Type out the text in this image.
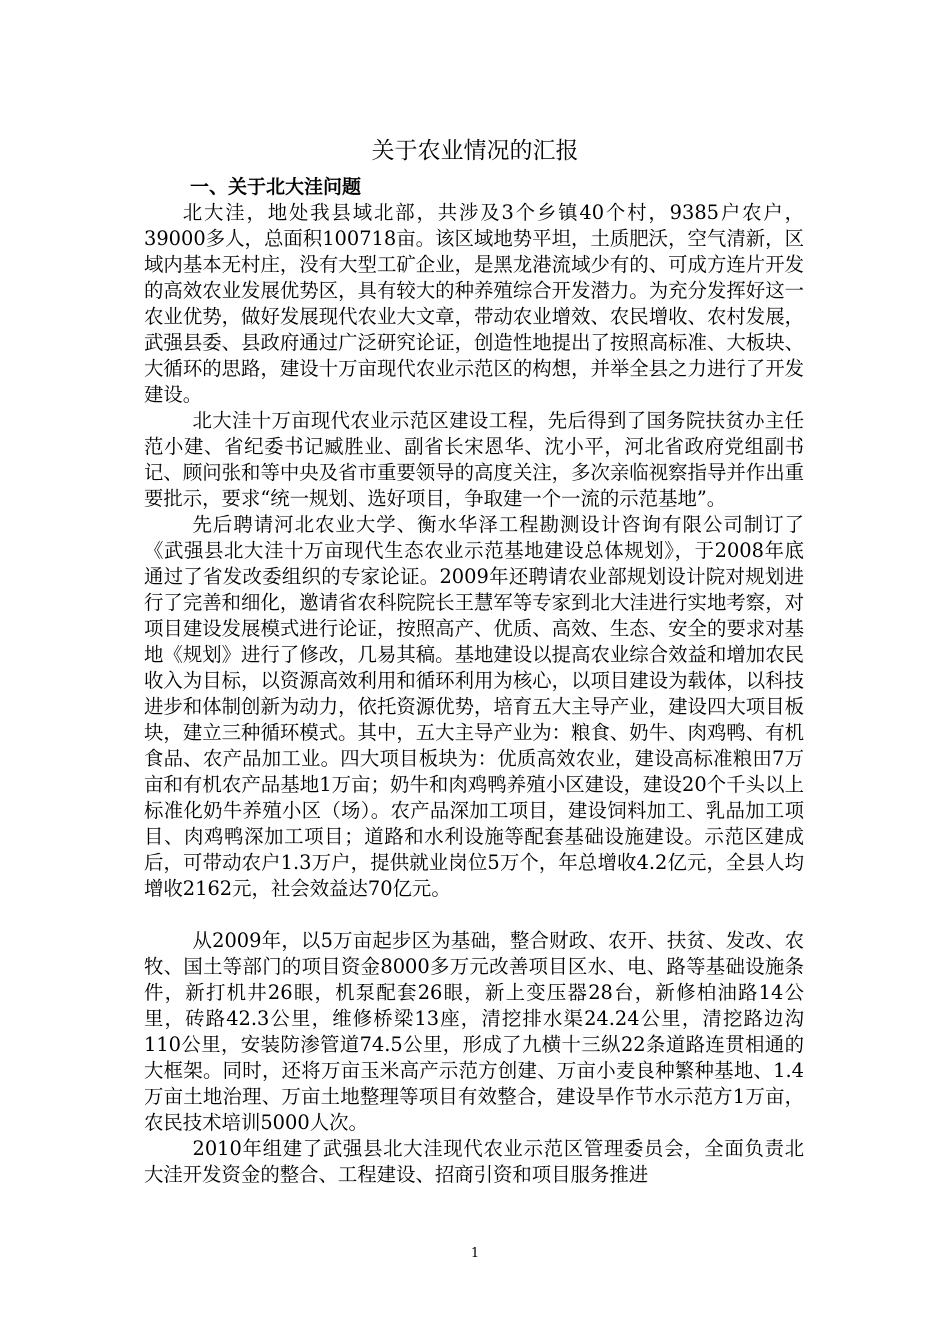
关于农业情况的汇报
一、关于北大洼问题

北大洼，地处我县域北部，共涉及3个乡镇40个村，9385户农户，39000多人，总面积100718亩。该区域地势平坦，土质肥沃，空气清新，区域内基本无村庄，没有大型工矿企业，是黑龙港流域少有的、可成方连片开发的高效农业发展优势区，具有较大的种养殖综合开发潜力。为充分发挥好这一农业优势，做好发展现代农业大文章，带动农业增效、农民增收、农村发展，武强县委、县政府通过广泛研究论证，创造性地提出了按照高标准、大板块、大循环的思路，建设十万亩现代农业示范区的构想，并举全县之力进行了开发建设。

北大洼十万亩现代农业示范区建设工程，先后得到了国务院扶贫办主任范小建、省纪委书记臧胜业、副省长宋恩华、沈小平，河北省政府党组副书记、顾问张和等中央及省市重要领导的高度关注，多次亲临视察指导并作出重要批示，要求“统一规划、选好项目，争取建一个一流的示范基地”。

先后聘请河北农业大学、衡水华泽工程勘测设计咨询有限公司制订了《武强县北大洼十万亩现代生态农业示范基地建设总体规划》，于2008年底通过了省发改委组织的专家论证。2009年还聘请农业部规划设计院对规划进行了完善和细化，邀请省农科院院长王慧军等专家到北大洼进行实地考察，对项目建设发展模式进行论证，按照高产、优质、高效、生态、安全的要求对基地《规划》进行了修改，几易其稿。基地建设以提高农业综合效益和增加农民收入为目标，以资源高效利用和循环利用为核心，以项目建设为载体，以科技进步和体制创新为动力，依托资源优势，培育五大主导产业，建设四大项目板块，建立三种循环模式。其中，五大主导产业为：粮食、奶牛、肉鸡鸭、有机食品、农产品加工业。四大项目板块为：优质高效农业，建设高标准粮田7万亩和有机农产品基地1万亩；奶牛和肉鸡鸭养殖小区建设，建设20个千头以上标准化奶牛养殖小区（场）。农产品深加工项目，建设饲料加工、乳品加工项目、肉鸡鸭深加工项目；道路和水利设施等配套基础设施建设。示范区建成后，可带动农户1.3万户，提供就业岗位5万个，年总增收4.2亿元，全县人均增收2162元，社会效益达70亿元。

从2009年，以5万亩起步区为基础，整合财政、农开、扶贫、发改、农牧、国土等部门的项目资金8000多万元改善项目区水、电、路等基础设施条件，新打机井26眼，机泵配套26眼，新上变压器28台，新修柏油路14公里，砖路42.3公里，维修桥梁13座，清挖排水渠24.24公里，清挖路边沟110公里，安装防渗管道74.5公里，形成了九横十三纵22条道路连贯相通的大框架。同时，还将万亩玉米高产示范方创建、万亩小麦良种繁种基地、1.4万亩土地治理、万亩土地整理等项目有效整合，建设旱作节水示范方1万亩，农民技术培训5000人次。

2010年组建了武强县北大洼现代农业示范区管理委员会，全面负责北大洼开发资金的整合、工程建设、招商引资和项目服务推进

1
